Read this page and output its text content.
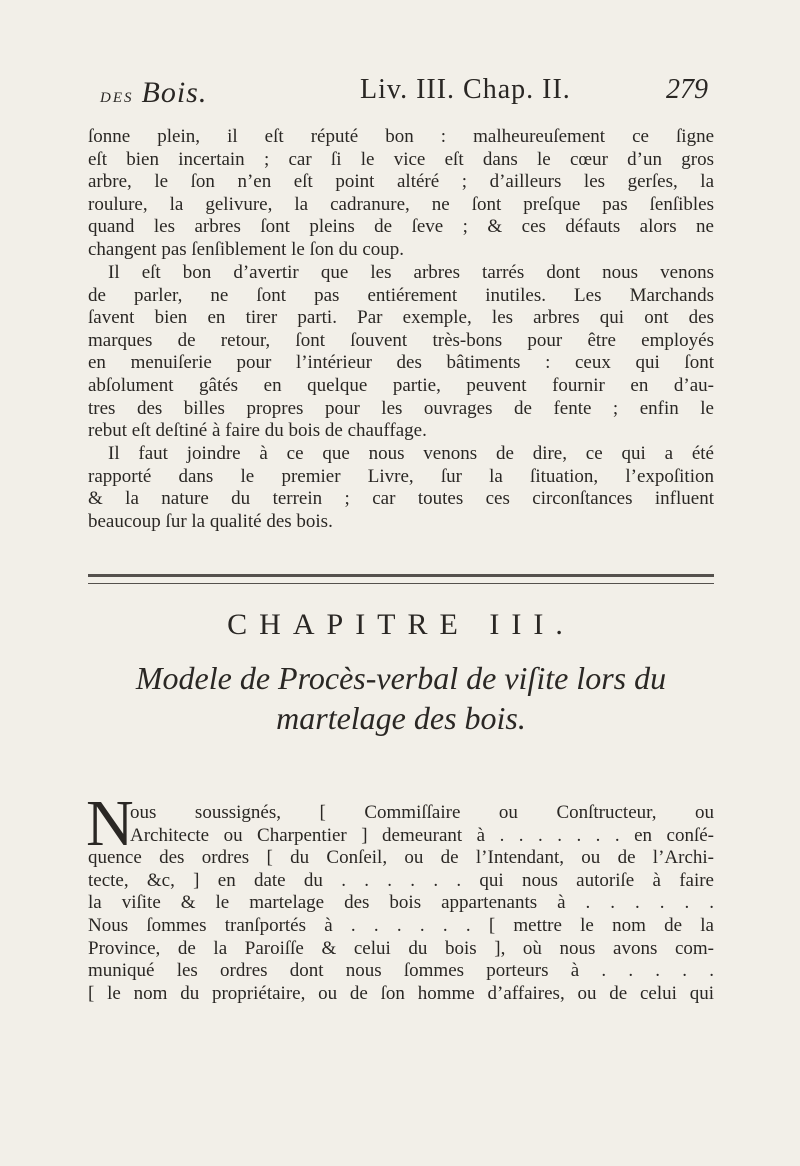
des Bois.	Liv. III. Chap. II.	279

ſonne plein, il eſt réputé bon : malheureuſement ce ſigne

eſt bien incertain ; car ſi le vice eſt dans le cœur d’un gros

arbre, le ſon n’en eſt point altéré ; d’ailleurs les gerſes, la

roulure, la gelivure, la cadranure, ne ſont preſque pas ſenſibles

quand les arbres ſont pleins de ſeve ; & ces défauts alors ne

changent pas ſenſiblement le ſon du coup.

Il eſt bon d’avertir que les arbres tarrés dont nous venons

de parler, ne ſont pas entiérement inutiles. Les Marchands

ſavent bien en tirer parti. Par exemple, les arbres qui ont des

marques de retour, ſont ſouvent très-bons pour être employés

en menuiſerie pour l’intérieur des bâtiments : ceux qui ſont

abſolument gâtés en quelque partie, peuvent fournir en d’au-

tres des billes propres pour les ouvrages de fente ; enfin le

rebut eſt deſtiné à faire du bois de chauffage.

Il faut joindre à ce que nous venons de dire, ce qui a été

rapporté dans le premier Livre, ſur la ſituation, l’expoſition

& la nature du terrein ; car toutes ces circonſtances influent

beaucoup ſur la qualité des bois.

CHAPITRE III.
Modele de Procès-verbal de viſite lors du
martelage des bois.
N
ous soussignés, [ Commiſſaire ou Conſtructeur, ou
Architecte ou Charpentier ] demeurant à . . . . . . . en conſé-
quence des ordres [ du Conſeil, ou de l’Intendant, ou de l’Archi-
tecte, &c, ] en date du . . . . . . qui nous autoriſe à faire
la viſite & le martelage des bois appartenants à . . . . . .
Nous ſommes tranſportés à . . . . . . [ mettre le nom de la
Province, de la Paroiſſe & celui du bois ], où nous avons com-
muniqué les ordres dont nous ſommes porteurs à . . . . .
[ le nom du propriétaire, ou de ſon homme d’affaires, ou de celui qui
